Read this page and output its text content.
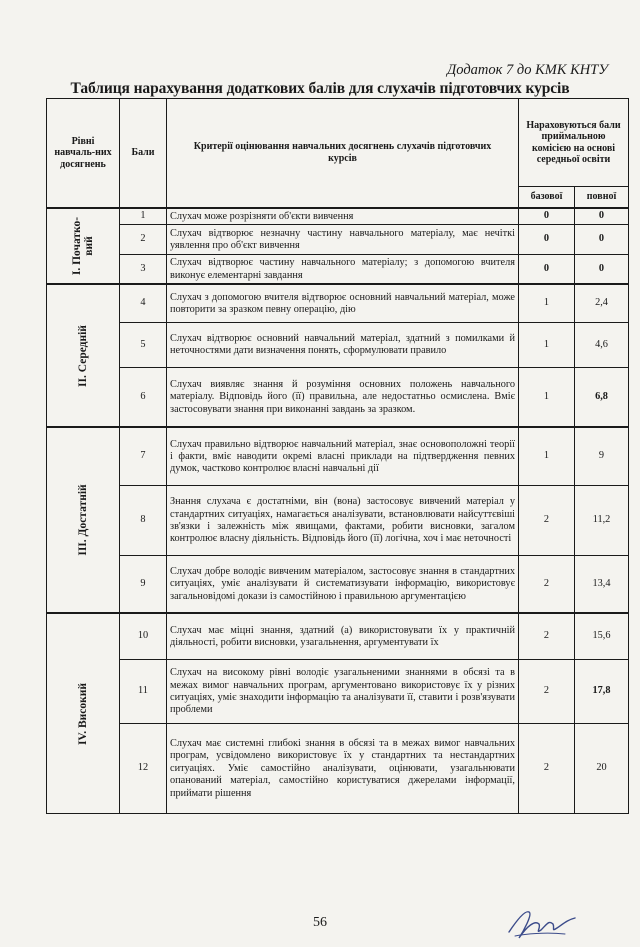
Додаток 7 до КМК КНТУ
Таблиця нарахування додаткових балів для слухачів підготовчих курсів
Рівні навчаль-них досягнень	Бали	Критерії оцінювання навчальних досягнень слухачів підготовчих курсів	Нараховуються бали приймальною комісією на основі середньої освіти	
			базової	повної

I. Початко-вий	1	Слухач може розрізняти об'єкти вивчення	0	0
	2	Слухач відтворює незначну частину навчального матеріалу, має нечіткі уявлення про об'єкт вивчення	0	0
	3	Слухач відтворює частину навчального матеріалу; з допомогою вчителя виконує елементарні завдання	0	0

II. Середній	4	Слухач з допомогою вчителя відтворює основний навчальний матеріал, може повторити за зразком певну операцію, дію	1	2,4
	5	Слухач відтворює основний навчальний матеріал, здатний з помилками й неточностями дати визначення понять, сформулювати правило	1	4,6
	6	Слухач виявляє знання й розуміння основних положень навчального матеріалу. Відповідь його (її) правильна, але недостатньо осмислена. Вміє застосовувати знання при виконанні завдань за зразком.	1	6,8

III. Достатній	7	Слухач правильно відтворює навчальний матеріал, знає основоположні теорії і факти, вміє наводити окремі власні приклади на підтвердження певних думок, частково контролює власні навчальні дії	1	9
	8	Знання слухача є достатніми, він (вона) застосовує вивчений матеріал у стандартних ситуаціях, намагається аналізувати, встановлювати найсуттєвіші зв'язки і залежність між явищами, фактами, робити висновки, загалом контролює власну діяльність. Відповідь його (її) логічна, хоч і має неточності	2	11,2
	9	Слухач добре володіє вивченим матеріалом, застосовує знання в стандартних ситуаціях, уміє аналізувати й систематизувати інформацію, використовує загальновідомі докази із самостійною і правильною аргументацією	2	13,4

IV. Високий	10	Слухач має міцні знання, здатний (а) використовувати їх у практичній діяльності, робити висновки, узагальнення, аргументувати їх	2	15,6
	11	Слухач на високому рівні володіє узагальненими знаннями в обсязі та в межах вимог навчальних програм, аргументовано використовує їх у різних ситуаціях, уміє знаходити інформацію та аналізувати її, ставити і розв'язувати проблеми	2	17,8
	12	Слухач має системні глибокі знання в обсязі та в межах вимог навчальних програм, усвідомлено використовує їх у стандартних та нестандартних ситуаціях. Уміє самостійно аналізувати, оцінювати, узагальнювати опанований матеріал, самостійно користуватися джерелами інформації, приймати рішення	2	20
56
